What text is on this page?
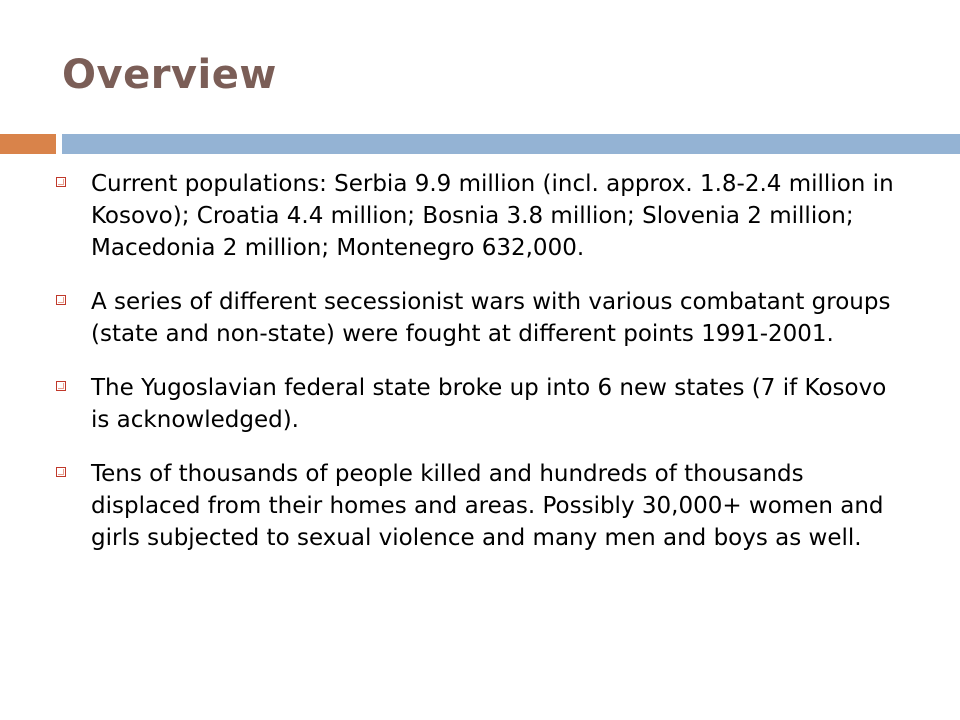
Overview
Current populations: Serbia 9.9 million (incl. approx. 1.8-2.4 million in Kosovo); Croatia 4.4 million; Bosnia 3.8 million; Slovenia 2 million; Macedonia 2 million; Montenegro 632,000.
A series of different secessionist wars with various combatant groups (state and non-state) were fought at different points 1991-2001.
The Yugoslavian federal state broke up into 6 new states (7 if Kosovo is acknowledged).
Tens of thousands of people killed and hundreds of thousands displaced from their homes and areas. Possibly 30,000+ women and girls subjected to sexual violence and many men and boys as well.
